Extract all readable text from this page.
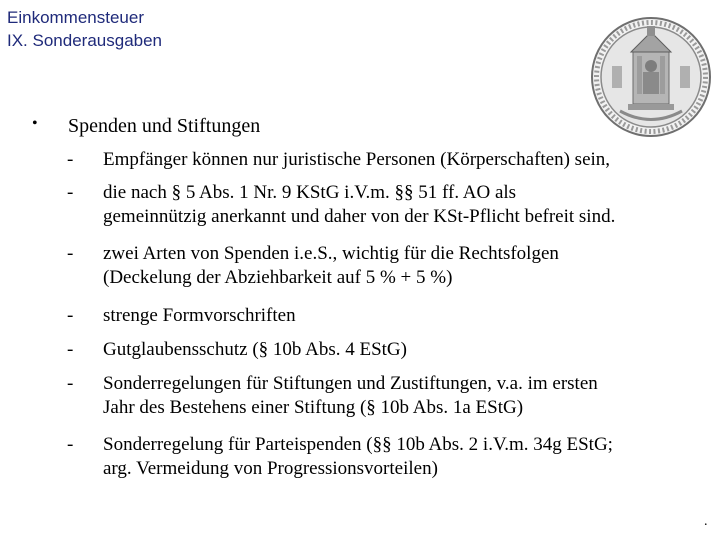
Einkommensteuer
IX. Sonderausgaben
• Spenden und Stiftungen
- Empfänger können nur juristische Personen (Körperschaften) sein,
- die nach § 5 Abs. 1 Nr. 9 KStG i.V.m. §§ 51 ff. AO als
gemeinnützig anerkannt und daher von der KSt-Pflicht befreit sind.
- zwei Arten von Spenden i.e.S., wichtig für die Rechtsfolgen
(Deckelung der Abziehbarkeit auf 5 % + 5 %)
- strenge Formvorschriften
- Gutglaubensschutz (§ 10b Abs. 4 EStG)
- Sonderregelungen für Stiftungen und Zustiftungen, v.a. im ersten
Jahr des Bestehens einer Stiftung (§ 10b Abs. 1a EStG)
- Sonderregelung für Parteispenden (§§ 10b Abs. 2 i.V.m. 34g EStG;
arg. Vermeidung von Progressionsvorteilen)
.
